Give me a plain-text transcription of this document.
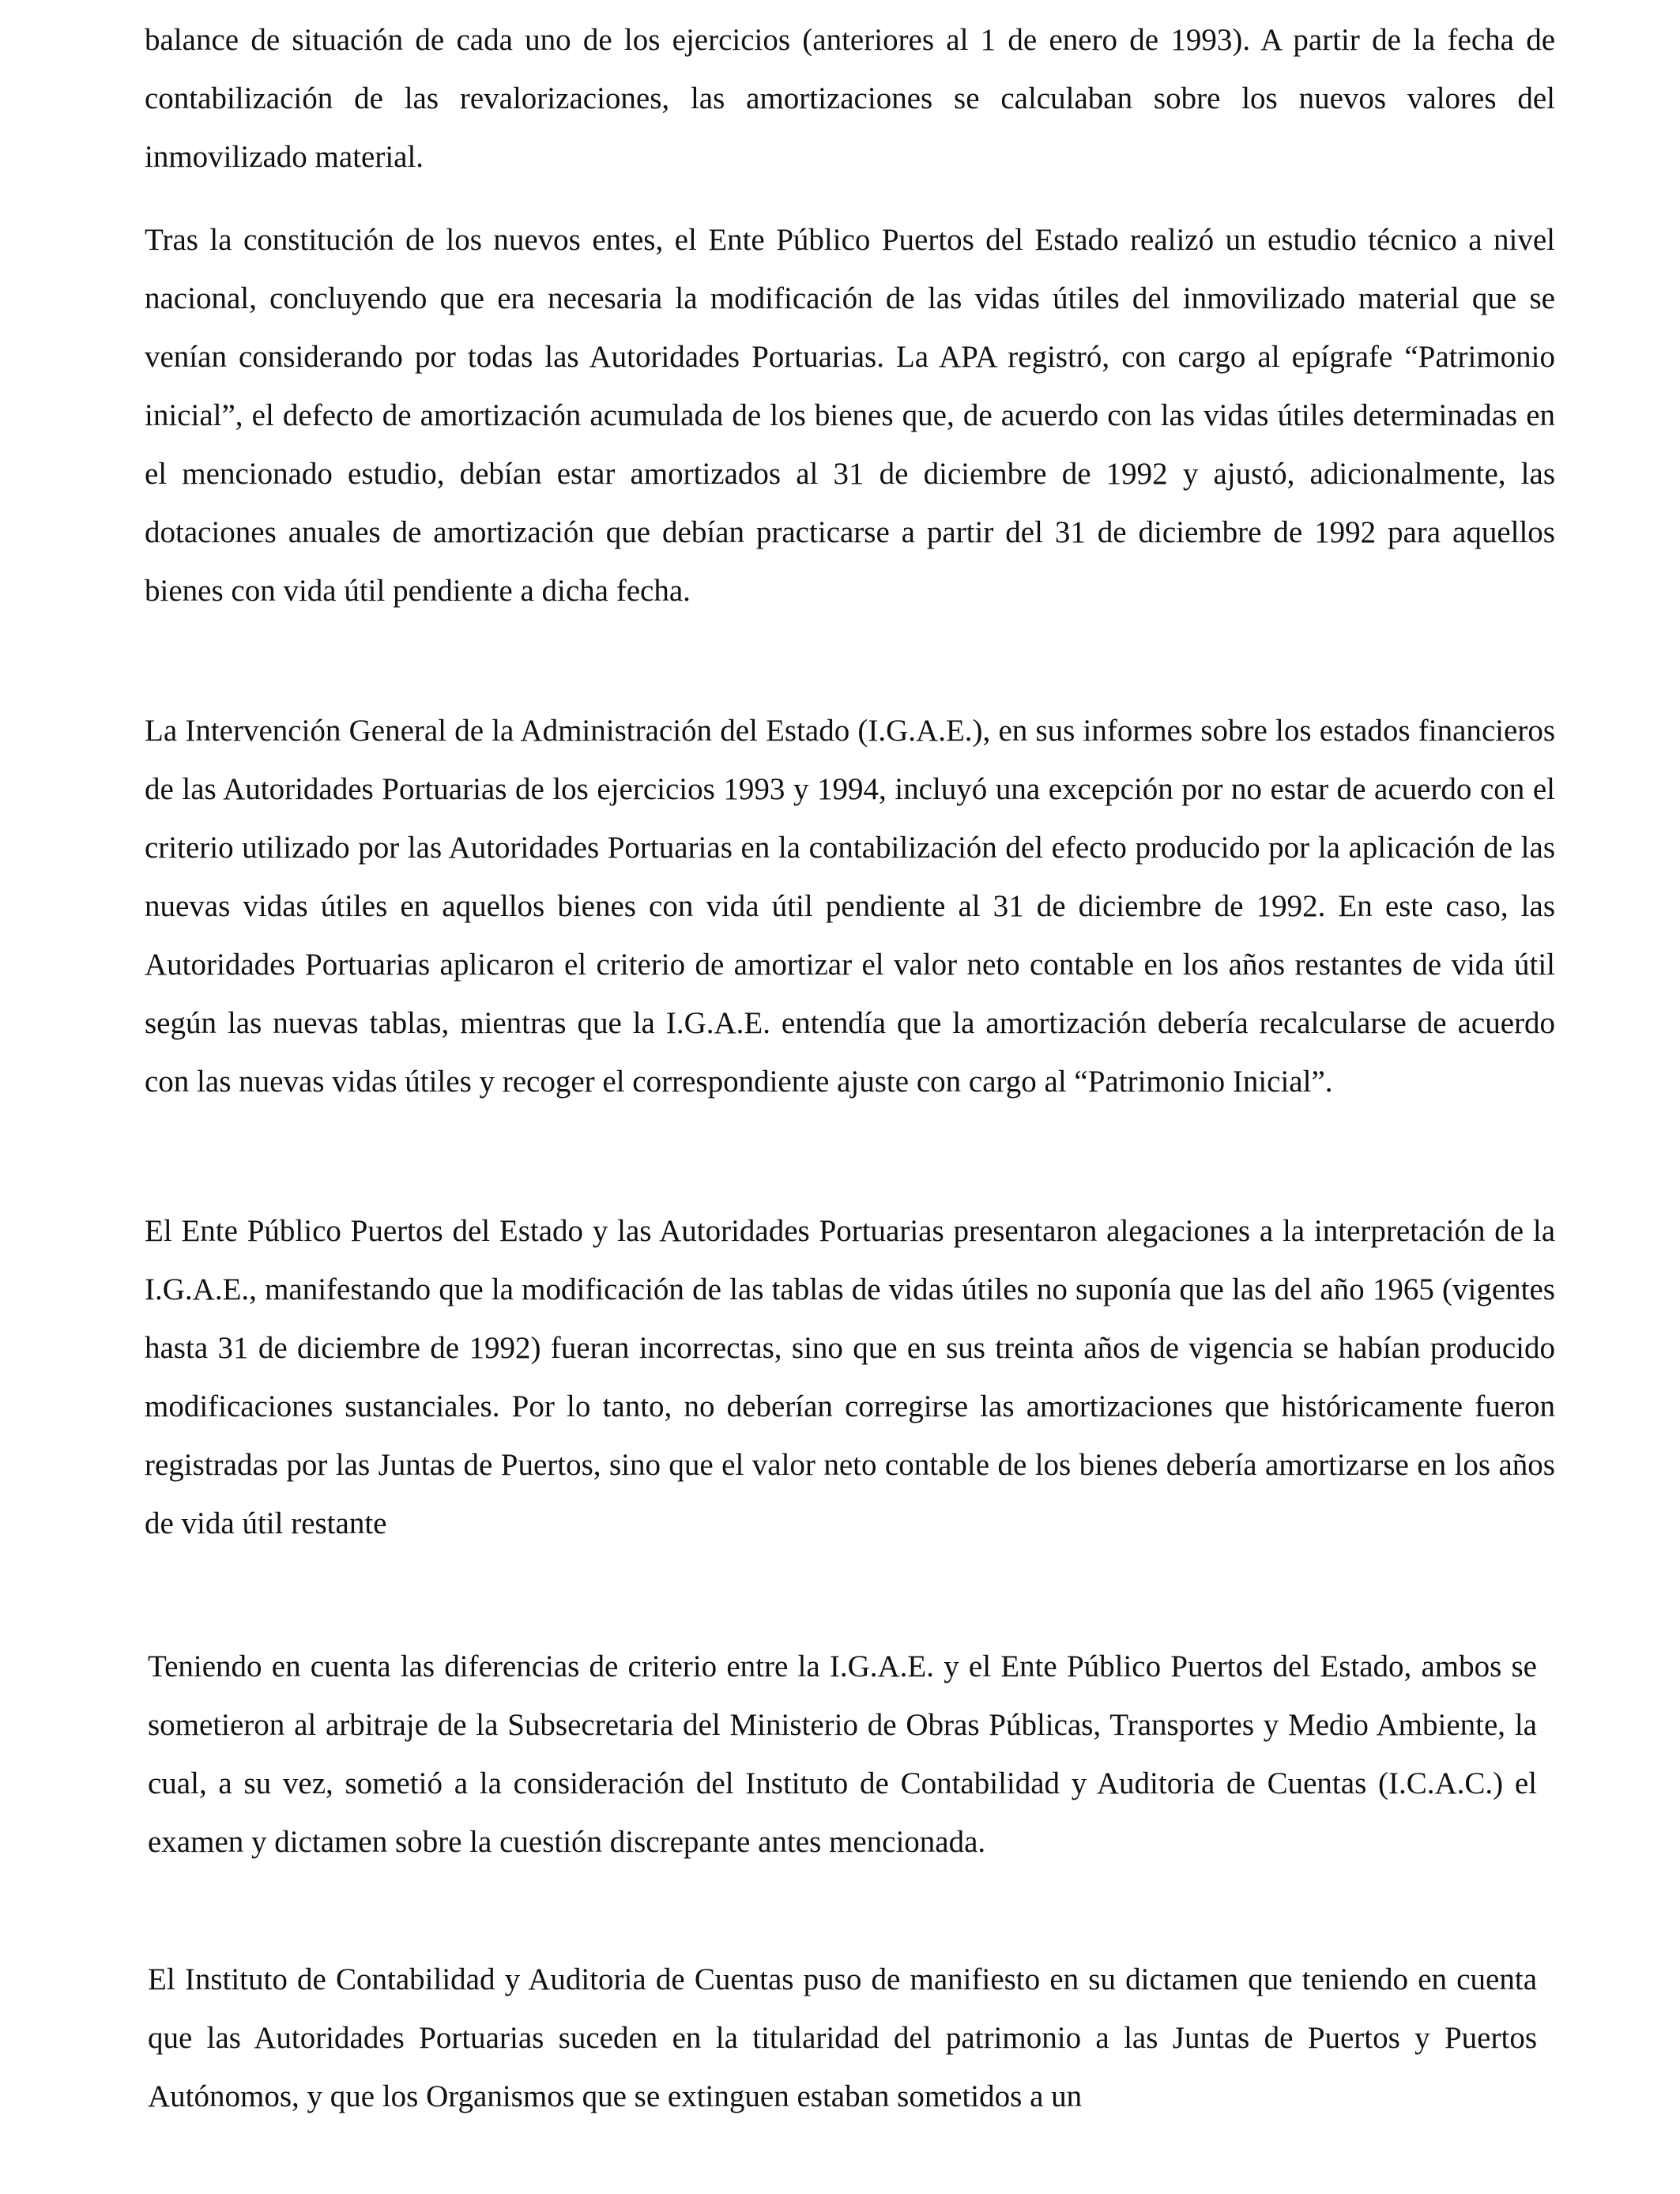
balance de situación de cada uno de los ejercicios (anteriores al 1 de enero de 1993). A partir de la fecha de contabilización de las revalorizaciones, las amortizaciones se calculaban sobre los nuevos valores del inmovilizado material.

Tras la constitución de los nuevos entes, el Ente Público Puertos del Estado realizó un estudio técnico a nivel nacional, concluyendo que era necesaria la modificación de las vidas útiles del inmovilizado material que se venían considerando por todas las Autoridades Portuarias. La APA registró, con cargo al epígrafe “Patrimonio inicial”, el defecto de amortización acumulada de los bienes que, de acuerdo con las vidas útiles determinadas en el mencionado estudio, debían estar amortizados al 31 de diciembre de 1992 y ajustó, adicionalmente, las dotaciones anuales de amortización que debían practicarse a partir del 31 de diciembre de 1992 para aquellos bienes con vida útil pendiente a dicha fecha.

La Intervención General de la Administración del Estado (I.G.A.E.), en sus informes sobre los estados financieros de las Autoridades Portuarias de los ejercicios 1993 y 1994, incluyó una excepción por no estar de acuerdo con el criterio utilizado por las Autoridades Portuarias en la contabilización del efecto producido por la aplicación de las nuevas vidas útiles en aquellos bienes con vida útil pendiente al 31 de diciembre de 1992. En este caso, las Autoridades Portuarias aplicaron el criterio de amortizar el valor neto contable en los años restantes de vida útil según las nuevas tablas, mientras que la I.G.A.E. entendía que la amortización debería recalcularse de acuerdo con las nuevas vidas útiles y recoger el correspondiente ajuste con cargo al “Patrimonio Inicial”.

El Ente Público Puertos del Estado y las Autoridades Portuarias presentaron alegaciones a la interpretación de la I.G.A.E., manifestando que la modificación de las tablas de vidas útiles no suponía que las del año 1965 (vigentes hasta 31 de diciembre de 1992) fueran incorrectas, sino que en sus treinta años de vigencia se habían producido modificaciones sustanciales. Por lo tanto, no deberían corregirse las amortizaciones que históricamente fueron registradas por las Juntas de Puertos, sino que el valor neto contable de los bienes debería amortizarse en los años de vida útil restante

Teniendo en cuenta las diferencias de criterio entre la I.G.A.E. y el Ente Público Puertos del Estado, ambos se sometieron al arbitraje de la Subsecretaria del Ministerio de Obras Públicas, Transportes y Medio Ambiente, la cual, a su vez, sometió a la consideración del Instituto de Contabilidad y Auditoria de Cuentas (I.C.A.C.) el examen y dictamen sobre la cuestión discrepante antes mencionada.

El Instituto de Contabilidad y Auditoria de Cuentas puso de manifiesto en su dictamen que teniendo en cuenta que las Autoridades Portuarias suceden en la titularidad del patrimonio a las Juntas de Puertos y Puertos Autónomos, y que los Organismos que se extinguen estaban sometidos a un
